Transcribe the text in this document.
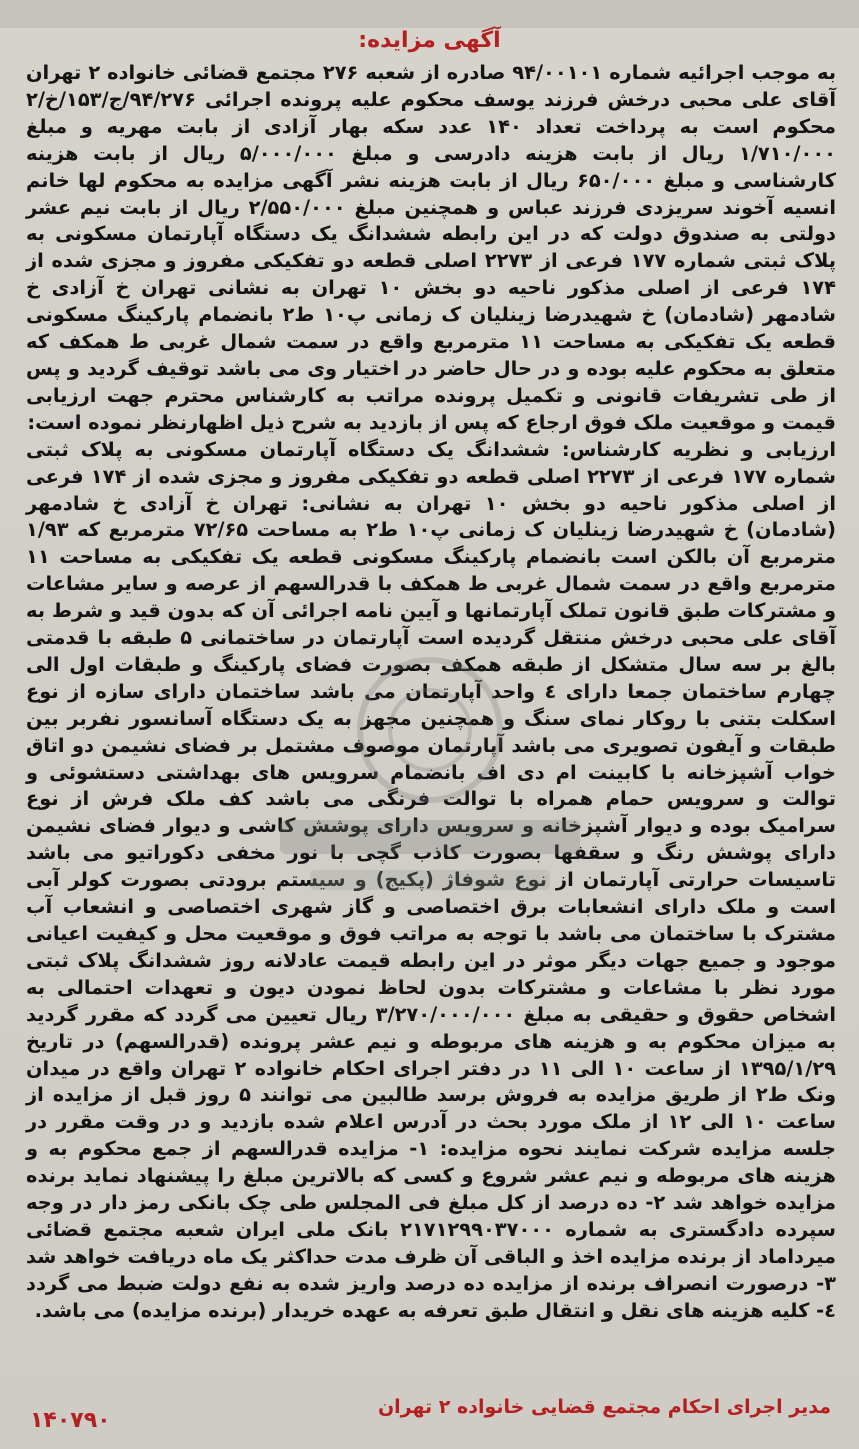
آگهی مزایده:

به موجب اجرائیه شماره ۹۴/۰۰۱۰۱ صادره از شعبه ۲۷۶ مجتمع قضائی خانواده ۲ تهران آقای علی محبی درخش فرزند یوسف محکوم علیه پرونده اجرائی ۹۴/۲۷۶/ج/۱۵۳/خ/۲ محکوم است به پرداخت تعداد ۱۴۰ عدد سکه بهار آزادی از بابت مهریه و مبلغ ۱/۷۱۰/۰۰۰ ریال از بابت هزینه دادرسی و مبلغ ۵/۰۰۰/۰۰۰ ریال از بابت هزینه کارشناسی و مبلغ ۶۵۰/۰۰۰ ریال از بابت هزینه نشر آگهی مزایده به محکوم لها خانم انسیه آخوند سریزدی فرزند عباس و همچنین مبلغ ۲/۵۵۰/۰۰۰ ریال از بابت نیم عشر دولتی به صندوق دولت که در این رابطه ششدانگ یک دستگاه آپارتمان مسکونی به پلاک ثبتی شماره ۱۷۷ فرعی از ۲۲۷۳ اصلی قطعه دو تفکیکی مفروز و مجزی شده از ۱۷۴ فرعی از اصلی مذکور ناحیه دو بخش ۱۰ تهران به نشانی تهران خ آزادی خ شادمهر (شادمان) خ شهیدرضا زینلیان ک زمانی پ۱۰ ط۲ بانضمام پارکینگ مسکونی قطعه یک تفکیکی به مساحت ۱۱ مترمربع واقع در سمت شمال غربی ط همکف که متعلق به محکوم علیه بوده و در حال حاضر در اختیار وی می باشد توقیف گردید و پس از طی تشریفات قانونی و تکمیل پرونده مراتب به کارشناس محترم جهت ارزیابی قیمت و موقعیت ملک فوق ارجاع که پس از بازدید به شرح ذیل اظهارنظر نموده است:

ارزیابی و نظریه کارشناس: ششدانگ یک دستگاه آپارتمان مسکونی به پلاک ثبتی شماره ۱۷۷ فرعی از ۲۲۷۳ اصلی قطعه دو تفکیکی مفروز و مجزی شده از ۱۷۴ فرعی از اصلی مذکور ناحیه دو بخش ۱۰ تهران به نشانی: تهران خ آزادی خ شادمهر (شادمان) خ شهیدرضا زینلیان ک زمانی پ۱۰ ط۲ به مساحت ۷۲/۶۵ مترمربع که ۱/۹۳ مترمربع آن بالکن است بانضمام پارکینگ مسکونی قطعه یک تفکیکی به مساحت ۱۱ مترمربع واقع در سمت شمال غربی ط همکف با قدرالسهم از عرصه و سایر مشاعات و مشترکات طبق قانون تملک آپارتمانها و آیین نامه اجرائی آن که بدون قید و شرط به آقای علی محبی درخش منتقل گردیده است آپارتمان در ساختمانی ۵ طبقه با قدمتی بالغ بر سه سال متشکل از طبقه همکف بصورت فضای پارکینگ و طبقات اول الی چهارم ساختمان جمعا دارای ٤ واحد آپارتمان می باشد ساختمان دارای سازه از نوع اسکلت بتنی با روکار نمای سنگ و همچنین مجهز به یک دستگاه آسانسور نفربر بین طبقات و آیفون تصویری می باشد آپارتمان موصوف مشتمل بر فضای نشیمن دو اتاق خواب آشپزخانه با کابینت ام دی اف بانضمام سرویس های بهداشتی دستشوئی و توالت و سرویس حمام همراه با توالت فرنگی می باشد کف ملک فرش از نوع سرامیک بوده و دیوار آشپزخانه و سرویس دارای پوشش کاشی و دیوار فضای نشیمن دارای پوشش رنگ و سقفها بصورت کاذب گچی با نور مخفی دکوراتیو می باشد تاسیسات حرارتی آپارتمان از نوع شوفاژ (پکیج) و سیستم برودتی بصورت کولر آبی است و ملک دارای انشعابات برق اختصاصی و گاز شهری اختصاصی و انشعاب آب مشترک با ساختمان می باشد با توجه به مراتب فوق و موقعیت محل و کیفیت اعیانی موجود و جمیع جهات دیگر موثر در این رابطه قیمت عادلانه روز ششدانگ پلاک ثبتی مورد نظر با مشاعات و مشترکات بدون لحاظ نمودن دیون و تعهدات احتمالی به اشخاص حقوق و حقیقی به مبلغ ۳/۲۷۰/۰۰۰/۰۰۰ ریال تعیین می گردد که مقرر گردید به میزان محکوم به و هزینه های مربوطه و نیم عشر پرونده (قدرالسهم) در تاریخ ۱۳۹۵/۱/۲۹ از ساعت ۱۰ الی ۱۱ در دفتر اجرای احکام خانواده ۲ تهران واقع در میدان ونک ط۲ از طریق مزایده به فروش برسد طالبین می توانند ۵ روز قبل از مزایده از ساعت ۱۰ الی ۱۲ از ملک مورد بحث در آدرس اعلام شده بازدید و در وقت مقرر در جلسه مزایده شرکت نمایند نحوه مزایده: ۱- مزایده قدرالسهم از جمع محکوم به و هزینه های مربوطه و نیم عشر شروع و کسی که بالاترین مبلغ را پیشنهاد نماید برنده مزایده خواهد شد ۲- ده درصد از کل مبلغ فی المجلس طی چک بانکی رمز دار در وجه سپرده دادگستری به شماره ۲۱۷۱۲۹۹۰۳۷۰۰۰ بانک ملی ایران شعبه مجتمع قضائی میرداماد از برنده مزایده اخذ و الباقی آن ظرف مدت حداکثر یک ماه دریافت خواهد شد ۳- درصورت انصراف برنده از مزایده ده درصد واریز شده به نفع دولت ضبط می گردد ٤- کلیه هزینه های نقل و انتقال طبق تعرفه به عهده خریدار (برنده مزایده) می باشد.

مدیر اجرای احکام مجتمع قضایی خانواده ۲ تهران
۱۴۰۷۹۰
